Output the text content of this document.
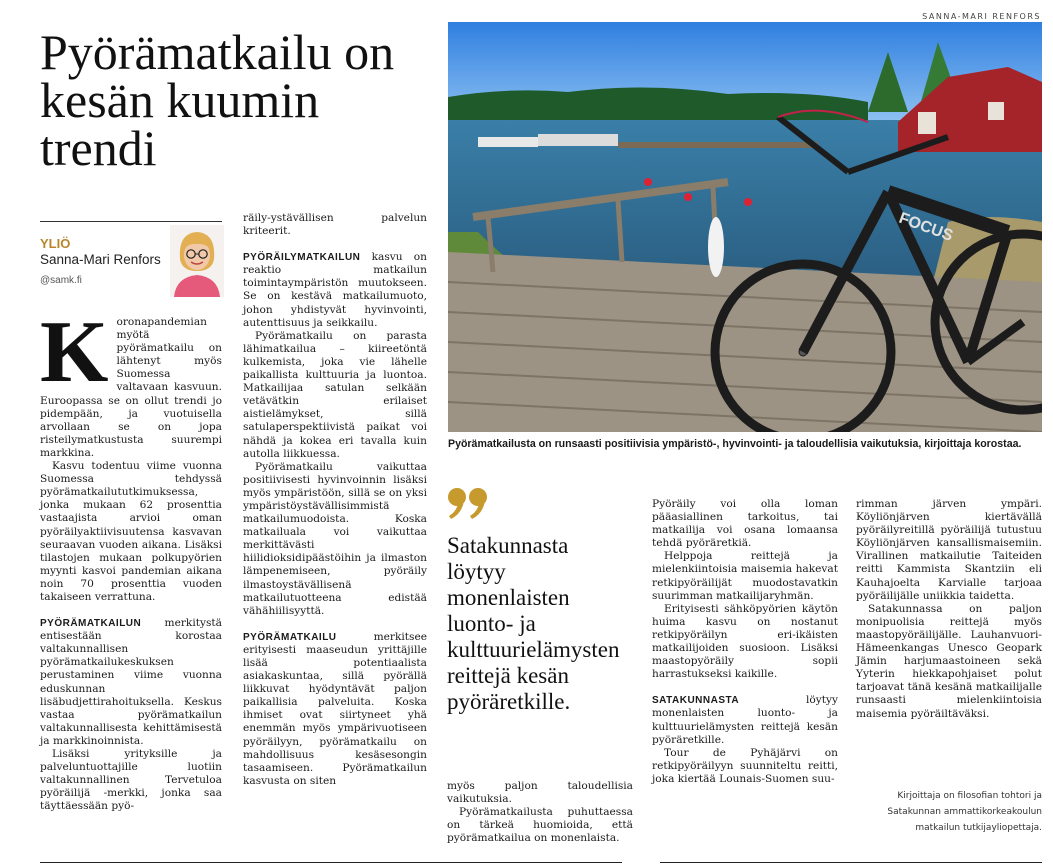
SANNA-MARI RENFORS
Pyörämatkailu on kesän kuumin trendi
YLIÖ
Sanna-Mari Renfors
@samk.fi
K oronapandemian myötä pyörämatkailu on lähtenyt myös Suomessa valtavaan kasvuun. Euroopassa se on ollut trendi jo pidempään, ja vuotuisella arvollaan se on jopa risteilymatkustusta suurempi markkina.

Kasvu todentuu viime vuonna Suomessa tehdyssä pyörämatkailututkimuksessa, jonka mukaan 62 prosenttia vastaajista arvioi oman pyöräilyaktiivisuutensa kasvavan seuraavan vuoden aikana. Lisäksi tilastojen mukaan polkupyörien myynti kasvoi pandemian aikana noin 70 prosenttia vuoden takaiseen verrattuna.

PYÖRÄMATKAILUN merkitystä entisestään korostaa valtakunnallisen pyörämatkailukeskuksen perustaminen viime vuonna eduskunnan lisäbudjettirahoituksella. Keskus vastaa pyörämatkailun valtakunnallisesta kehittämisestä ja markkinoinnista.

Lisäksi yrityksille ja palveluntuottajille luotiin valtakunnallinen Tervetuloa pyöräilijä -merkki, jonka saa täyttäessään pyö-

räily-ystävällisen palvelun kriteerit.

PYÖRÄILYMATKAILUN kasvu on reaktio matkailun toimintaympäristön muutokseen. Se on kestävä matkailumuoto, johon yhdistyvät hyvinvointi, autenttisuus ja seikkailu.

Pyörämatkailu on parasta lähimatkailua – kiireetöntä kulkemista, joka vie lähelle paikallista kulttuuria ja luontoa. Matkailijaa satulan selkään vetävätkin erilaiset aistielämykset, sillä satulaperspektiivistä paikat voi nähdä ja kokea eri tavalla kuin autolla liikkuessa.

Pyörämatkailu vaikuttaa positiivisesti hyvinvoinnin lisäksi myös ympäristöön, sillä se on yksi ympäristöystävällisimmistä matkailumuodoista. Koska matkailuala voi vaikuttaa merkittävästi hiilidioksidipäästöihin ja ilmaston lämpenemiseen, pyöräily ilmastoystävällisenä matkailutuotteena edistää vähähiilisyyttä.

PYÖRÄMATKAILU merkitsee erityisesti maaseudun yrittäjille lisää potentiaalista asiakaskuntaa, sillä pyörällä liikkuvat hyödyntävät paljon paikallisia palveluita. Koska ihmiset ovat siirtyneet yhä enemmän myös ympärivuotiseen pyöräilyyn, pyörämatkailu on mahdollisuus kesäsesongin tasaamiseen. Pyörämatkailun kasvusta on siten

FOCUS
Pyörämatkailusta on runsaasti positiivisia ympäristö-, hyvinvointi- ja taloudellisia vaikutuksia, kirjoittaja korostaa.
Satakunnasta löytyy monenlaisten luonto- ja kulttuurielämysten reittejä kesän pyöräretkille.

myös paljon taloudellisia vaikutuksia.

Pyörämatkailusta puhuttaessa on tärkeä huomioida, että pyörämatkailua on monenlaista.

Pyöräily voi olla loman pääasiallinen tarkoitus, tai matkailija voi osana lomaansa tehdä pyöräretkiä.

Helppoja reittejä ja mielenkiintoisia maisemia hakevat retkipyöräilijät muodostavatkin suurimman matkailijaryhmän.

Erityisesti sähköpyörien käytön huima kasvu on nostanut retkipyöräilyn eri-ikäisten matkailijoiden suosioon. Lisäksi maastopyöräily sopii harrastukseksi kaikille.

SATAKUNNASTA löytyy monenlaisten luonto- ja kulttuurielämysten reittejä kesän pyöräretkille.

Tour de Pyhäjärvi on retkipyöräilyyn suunniteltu reitti, joka kiertää Lounais-Suomen suu-

rimman järven ympäri. Köyliönjärven kiertävällä pyöräilyreitillä pyöräilijä tutustuu Köyliönjärven kansallismaisemiin. Virallinen matkailutie Taiteiden reitti Kammista Skantziin eli Kauhajoelta Karvialle tarjoaa pyöräilijälle uniikkia taidetta.

Satakunnassa on paljon monipuolisia reittejä myös maastopyöräilijälle. Lauhanvuori-Hämeenkangas Unesco Geopark Jämin harjumaastoineen sekä Yyterin hiekkapohjaiset polut tarjoavat tänä kesänä matkailijalle runsaasti mielenkiintoisia maisemia pyöräiltäväksi.

Kirjoittaja on filosofian tohtori ja Satakunnan ammattikorkeakoulun matkailun tutkijayliopettaja.
